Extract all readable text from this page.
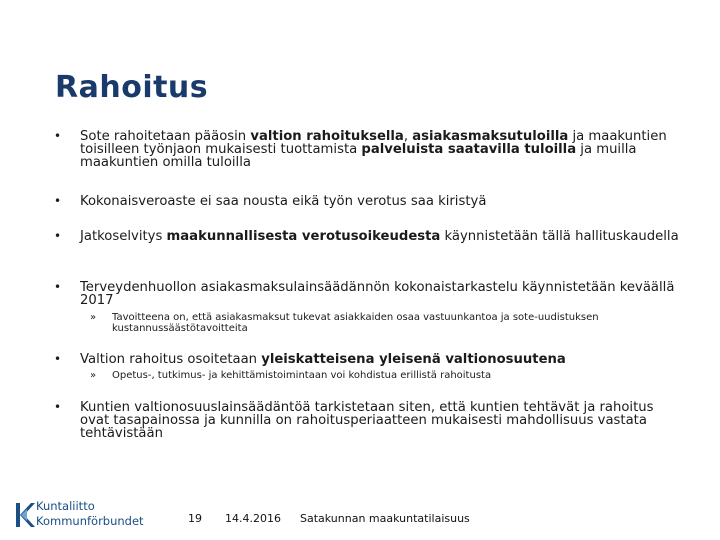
Rahoitus
• Sote rahoitetaan pääosin valtion rahoituksella, asiakasmaksutuloilla ja maakuntien toisilleen työnjaon mukaisesti tuottamista palveluista saatavilla tuloilla ja muilla maakuntien omilla tuloilla
• Kokonaisveroaste ei saa nousta eikä työn verotus saa kiristyä
• Jatkoselvitys maakunnallisesta verotusoikeudesta käynnistetään tällä hallituskaudella
• Terveydenhuollon asiakasmaksulainsäädännön kokonaistarkastelu käynnistetään keväällä 2017
» Tavoitteena on, että asiakasmaksut tukevat asiakkaiden osaa vastuunkantoa ja sote-uudistuksen kustannussäästötavoitteita
• Valtion rahoitus osoitetaan yleiskatteisena yleisenä valtionosuutena
» Opetus-, tutkimus- ja kehittämistoimintaan voi kohdistua erillistä rahoitusta
• Kuntien valtionosuuslainsäädäntöä tarkistetaan siten, että kuntien tehtävät ja rahoitus ovat tasapainossa ja kunnilla on rahoitusperiaatteen mukaisesti mahdollisuus vastata tehtävistään
Kuntaliitto
Kommunförbundet	19 14.4.2016 Satakunnan maakuntatilaisuus
